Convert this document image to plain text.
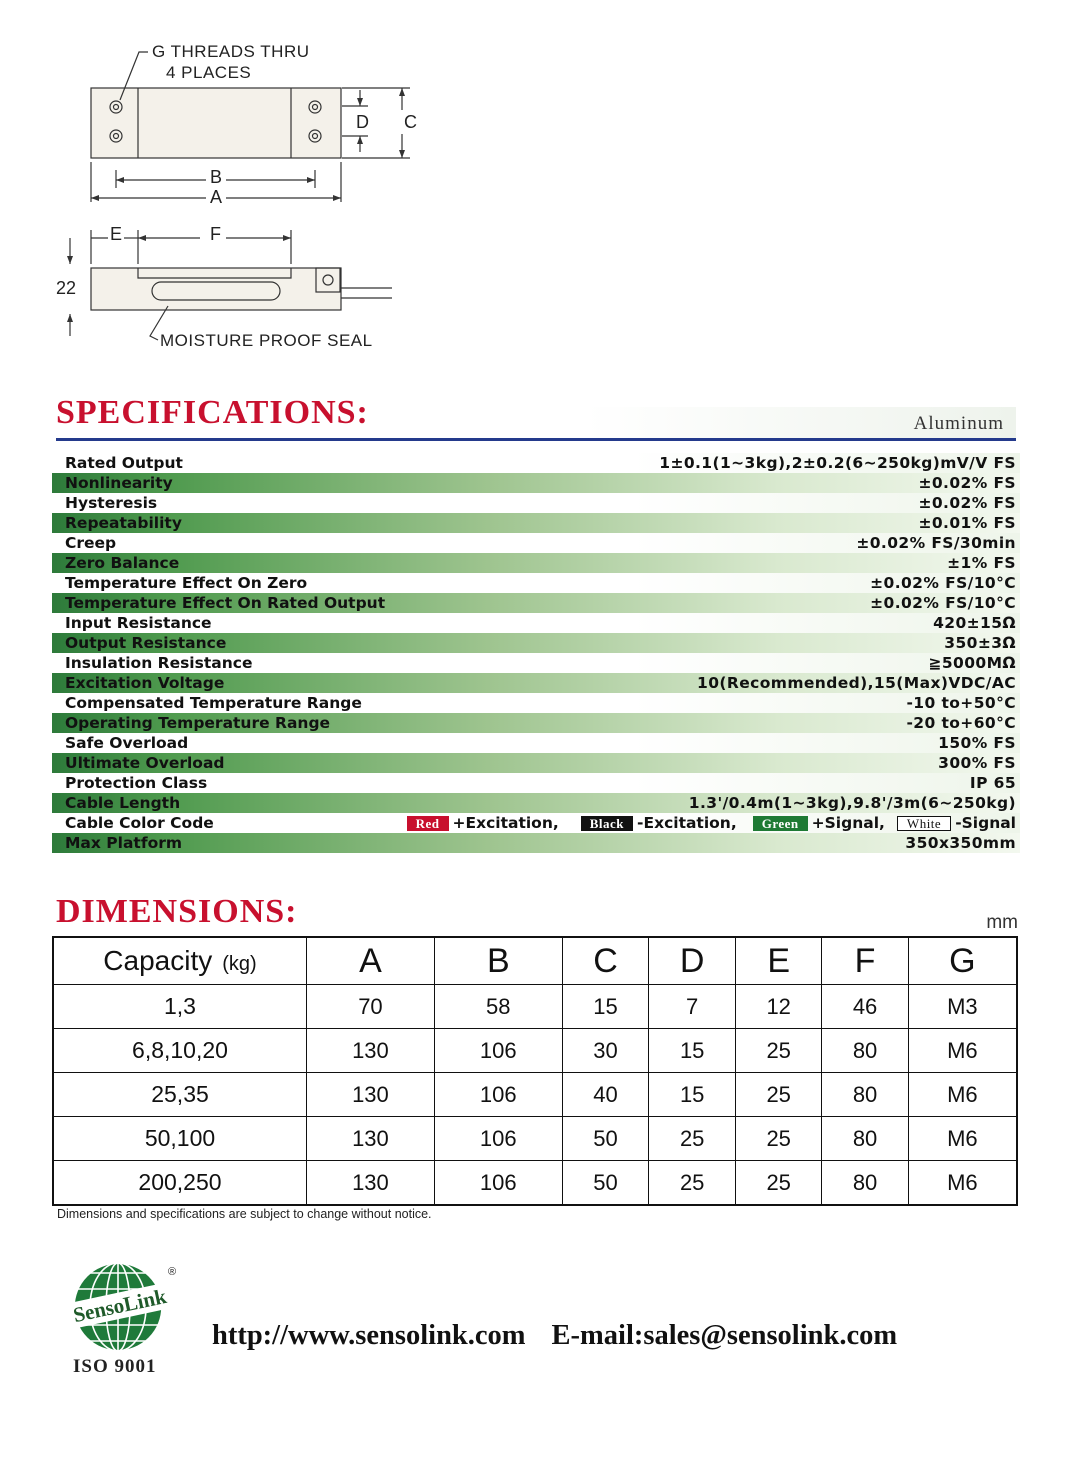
G THREADS THRU
4 PLACES
D C
B
A
E	F
22
MOISTURE PROOF SEAL
SPECIFICATIONS:	Aluminum
Rated Output	1±0.1(1~3kg),2±0.2(6~250kg)mV/V FS
Nonlinearity	±0.02% FS
Hysteresis	±0.02% FS
Repeatability	±0.01% FS
Creep	±0.02% FS/30min
Zero Balance	±1% FS
Temperature Effect On Zero	±0.02% FS/10°C
Temperature Effect On Rated Output	±0.02% FS/10°C
Input Resistance	420±15Ω
Output Resistance	350±3Ω
Insulation Resistance	≧5000MΩ
Excitation Voltage	10(Recommended),15(Max)VDC/AC
Compensated Temperature Range	-10 to+50°C
Operating Temperature Range	-20 to+60°C
Safe Overload	150% FS
Ultimate Overload	300% FS
Protection Class	IP 65
Cable Length	1.3'/0.4m(1~3kg),9.8'/3m(6~250kg)
Cable Color Code	Red +Excitation,	Black -Excitation,	Green +Signal,	White -Signal
Max Platform	350x350mm
DIMENSIONS:	mm
Capacity (kg)	A	B	C	D	E	F	G
1,3	70	58	15	7	12	46	M3
6,8,10,20	130	106	30	15	25	80	M6
25,35	130	106	40	15	25	80	M6
50,100	130	106	50	25	25	80	M6
200,250	130	106	50	25	25	80	M6
Dimensions and specifications are subject to change without notice.
SensoLink
®
ISO 9001
http://www.sensolink.com E-mail:sales@sensolink.com
